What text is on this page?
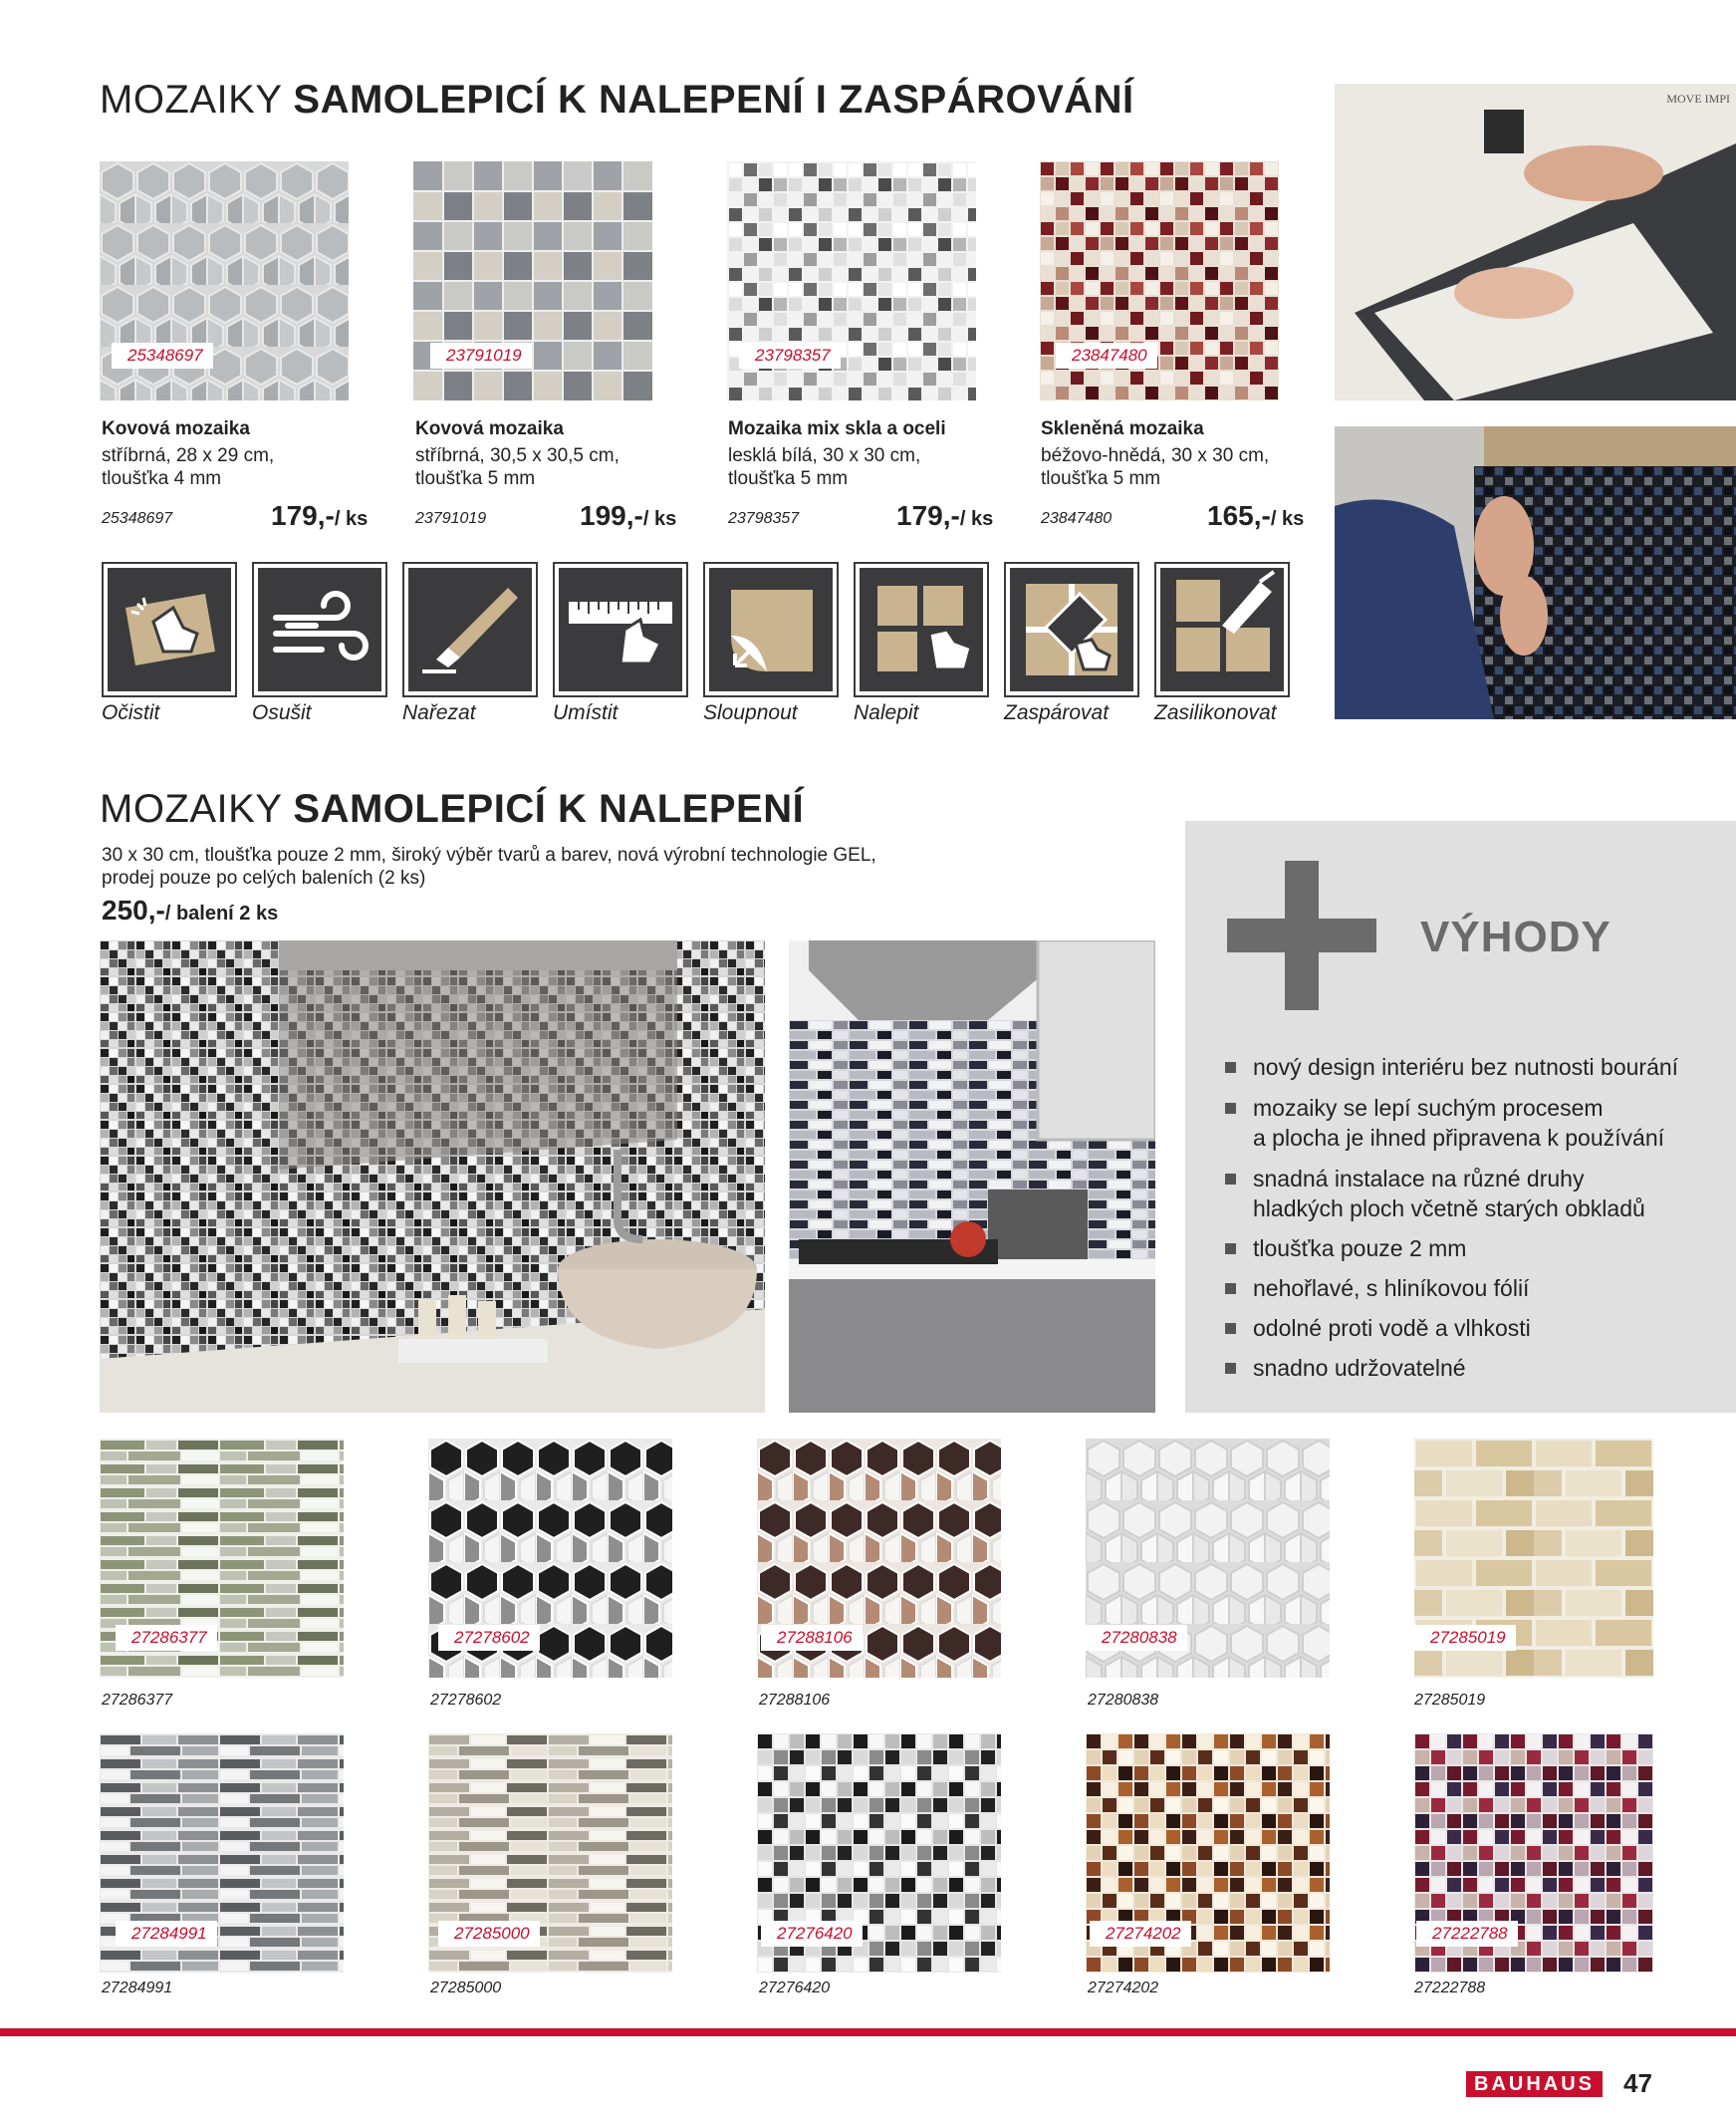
MOZAIKY SAMOLEPICÍ K NALEPENÍ I ZASPÁROVÁNÍ
25348697	23791019	23798357	23847480
Kovová mozaika
stříbrná, 28 x 29 cm,
tloušťka 4 mm
25348697	179,-/ ks
Kovová mozaika
stříbrná, 30,5 x 30,5 cm,
tloušťka 5 mm
23791019	199,-/ ks
Mozaika mix skla a oceli
lesklá bílá, 30 x 30 cm,
tloušťka 5 mm
23798357	179,-/ ks
Skleněná mozaika
béžovo-hnědá, 30 x 30 cm,
tloušťka 5 mm
23847480	165,-/ ks
Očistit	Osušit	Nařezat	Umístit	Sloupnout	Nalepit	Zaspárovat Zasilikonovat
MOVE IMPI
MOZAIKY SAMOLEPICÍ K NALEPENÍ
30 x 30 cm, tloušťka pouze 2 mm, široký výběr tvarů a barev, nová výrobní technologie GEL,
prodej pouze po celých baleních (2 ks)
250,-/ balení 2 ks	VÝHODY
nový design interiéru bez nutnosti bourání
mozaiky se lepí suchým procesem
a plocha je ihned připravena k používání
snadná instalace na různé druhy
hladkých ploch včetně starých obkladů
tloušťka pouze 2 mm
nehořlavé, s hliníkovou fólií
odolné proti vodě a vlhkosti
snadno udržovatelné
27286377	27278602	27288106	27280838	27285019
27286377	27278602	27288106	27280838	27285019
27284991	27285000	27276420	27274202	27222788
27284991	27285000	27276420	27274202	27222788
BAUHAUS	47
